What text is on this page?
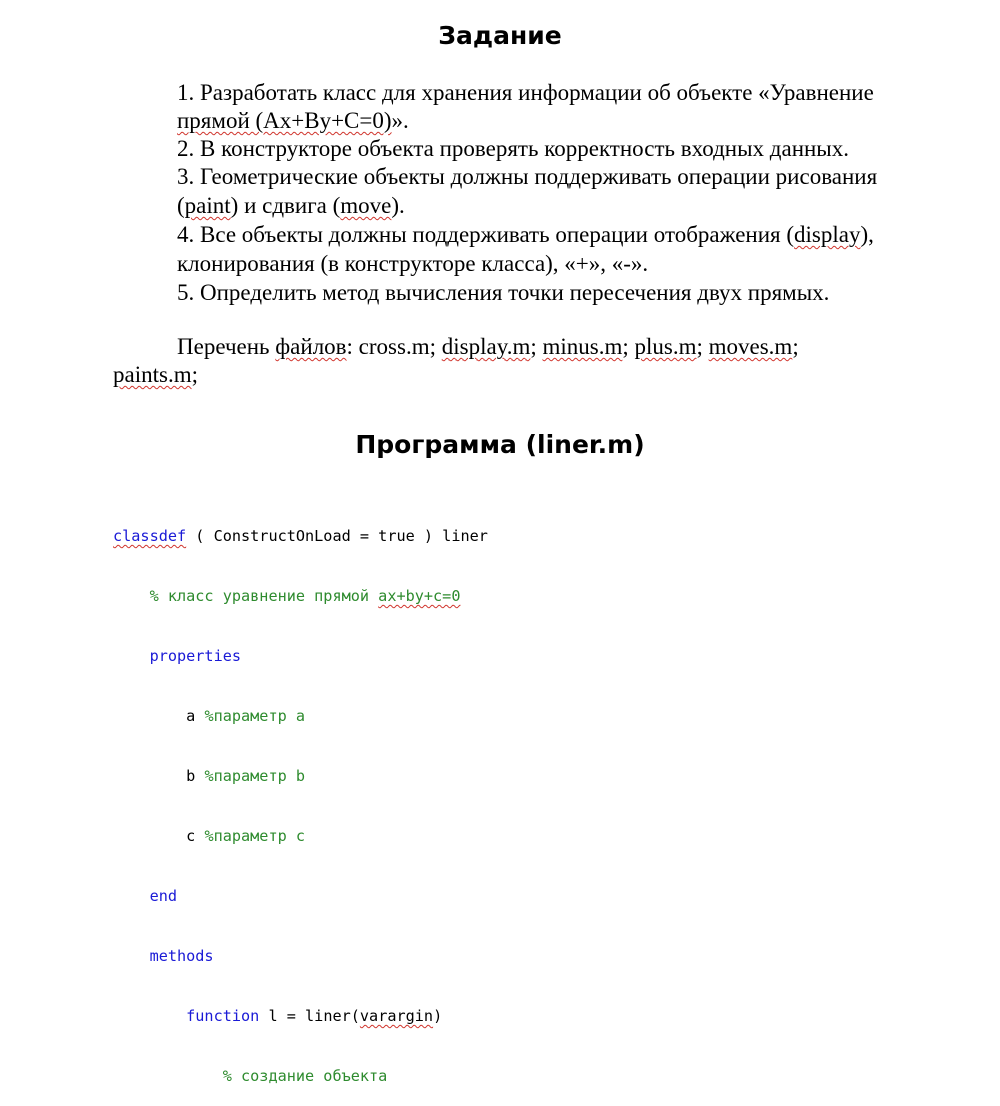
Задание
1. Разработать класс для хранения информации об объекте «Уравнение
прямой (Ax+By+C=0)».
2. В конструкторе объекта проверять корректность входных данных.
3. Геометрические объекты должны поддерживать операции рисования
(paint) и сдвига (move).
4. Все объекты должны поддерживать операции отображения (display),
клонирования (в конструкторе класса), «+», «-».
5. Определить метод вычисления точки пересечения двух прямых.
Перечень файлов: cross.m; display.m; minus.m; plus.m; moves.m;
paints.m;
Программа (liner.m)

classdef ( ConstructOnLoad = true ) liner

% класс уравнение прямой ax+by+c=0

properties

a %параметр a

b %параметр b

c %параметр c

end

methods

function l = liner(varargin)

% создание объекта
